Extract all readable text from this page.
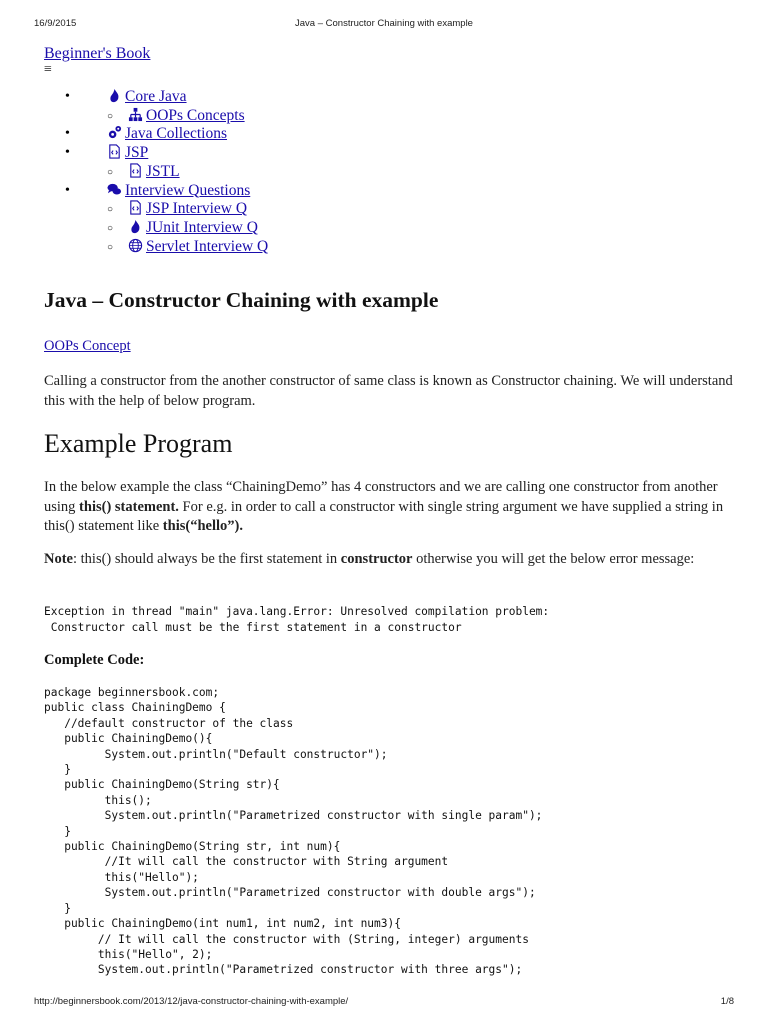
16/9/2015	Java – Constructor Chaining with example
Beginner's Book
≡
• Core Java
○ OOPs Concepts
• Java Collections
• JSP
○ JSTL
• Interview Questions
○ JSP Interview Q
○ JUnit Interview Q
○ Servlet Interview Q
Java – Constructor Chaining with example
OOPs Concept

Calling a constructor from the another constructor of same class is known as Constructor chaining. We will understand this with the help of below program.

Example Program

In the below example the class “ChainingDemo” has 4 constructors and we are calling one constructor from another using this() statement. For e.g. in order to call a constructor with single string argument we have supplied a string in this() statement like this(“hello”).

Note: this() should always be the first statement in constructor otherwise you will get the below error message:

Exception in thread "main" java.lang.Error: Unresolved compilation problem:
Constructor call must be the first statement in a constructor
Complete Code:
package beginnersbook.com;
public class ChainingDemo {
//default constructor of the class
public ChainingDemo(){
System.out.println("Default constructor");
}
public ChainingDemo(String str){
this();
System.out.println("Parametrized constructor with single param");
}
public ChainingDemo(String str, int num){
//It will call the constructor with String argument
this("Hello");
System.out.println("Parametrized constructor with double args");
}
public ChainingDemo(int num1, int num2, int num3){
// It will call the constructor with (String, integer) arguments
this("Hello", 2);
System.out.println("Parametrized constructor with three args");
http://beginnersbook.com/2013/12/java-constructor-chaining-with-example/	1/8
